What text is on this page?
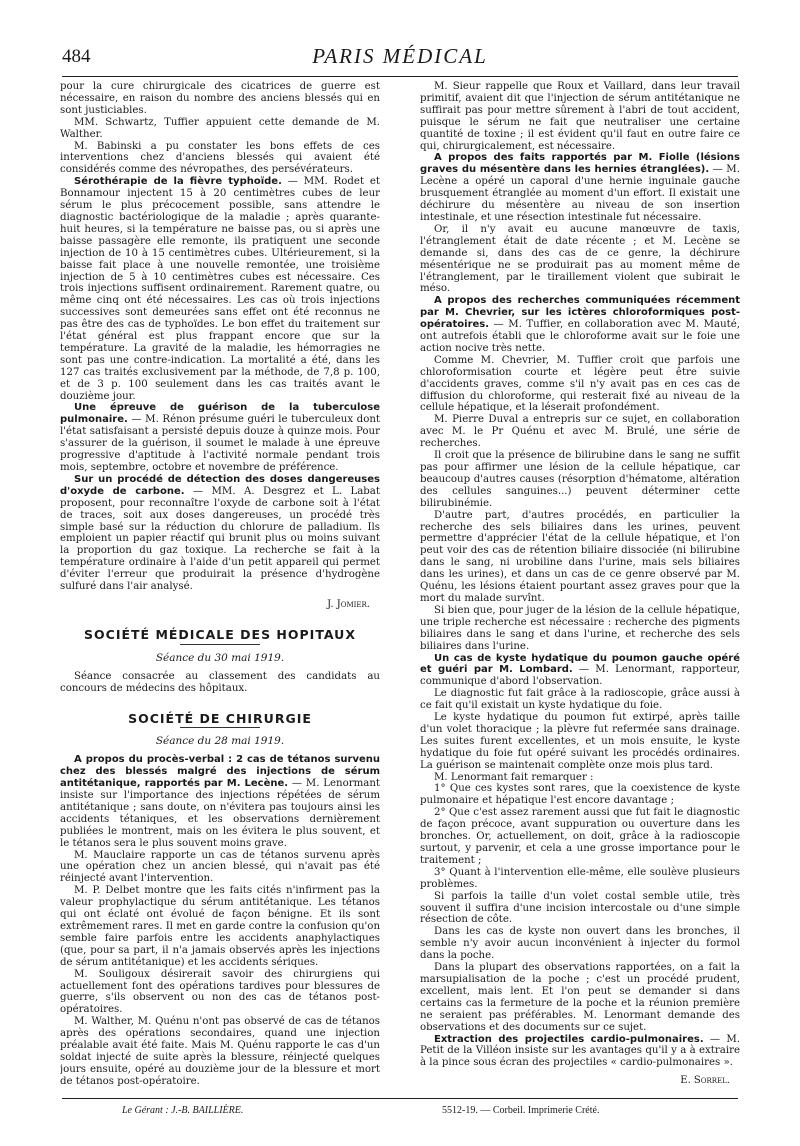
484	PARIS MÉDICAL

pour la cure chirurgicale des cicatrices de guerre est nécessaire, en raison du nombre des anciens blessés qui en sont justiciables.

MM. Schwartz, Tuffier appuient cette demande de M. Walther.

M. Babinski a pu constater les bons effets de ces interventions chez d'anciens blessés qui avaient été considérés comme des névropathes, des persévérateurs.

Sérothérapie de la fièvre typhoïde. — MM. Rodet et Bonnamour injectent 15 à 20 centimètres cubes de leur sérum le plus précocement possible, sans attendre le diagnostic bactériologique de la maladie ; après quarante-huit heures, si la température ne baisse pas, ou si après une baisse passagère elle remonte, ils pratiquent une seconde injection de 10 à 15 centimètres cubes. Ultérieurement, si la baisse fait place à une nouvelle remontée, une troisième injection de 5 à 10 centimètres cubes est nécessaire. Ces trois injections suffisent ordinairement. Rarement quatre, ou même cinq ont été nécessaires. Les cas où trois injections successives sont demeurées sans effet ont été reconnus ne pas être des cas de typhoïdes. Le bon effet du traitement sur l'état général est plus frappant encore que sur la température. La gravité de la maladie, les hémorragies ne sont pas une contre-indication. La mortalité a été, dans les 127 cas traités exclusivement par la méthode, de 7,8 p. 100, et de 3 p. 100 seulement dans les cas traités avant le douzième jour.

Une épreuve de guérison de la tuberculose pulmonaire. — M. Rénon présume guéri le tuberculeux dont l'état satisfaisant a persisté depuis douze à quinze mois. Pour s'assurer de la guérison, il soumet le malade à une épreuve progressive d'aptitude à l'activité normale pendant trois mois, septembre, octobre et novembre de préférence.

Sur un procédé de détection des doses dangereuses d'oxyde de carbone. — MM. A. Desgrez et L. Labat proposent, pour reconnaître l'oxyde de carbone soit à l'état de traces, soit aux doses dangereuses, un procédé très simple basé sur la réduction du chlorure de palladium. Ils emploient un papier réactif qui brunit plus ou moins suivant la proportion du gaz toxique. La recherche se fait à la température ordinaire à l'aide d'un petit appareil qui permet d'éviter l'erreur que produirait la présence d'hydrogène sulfuré dans l'air analysé.

J. Jomier.
SOCIÉTÉ MÉDICALE DES HOPITAUX
Séance du 30 mai 1919.

Séance consacrée au classement des candidats au concours de médecins des hôpitaux.

SOCIÉTÉ DE CHIRURGIE
Séance du 28 mai 1919.

A propos du procès-verbal : 2 cas de tétanos survenu chez des blessés malgré des injections de sérum antitétanique, rapportés par M. Lecène. — M. Lenormant insiste sur l'importance des injections répétées de sérum antitétanique ; sans doute, on n'évitera pas toujours ainsi les accidents tétaniques, et les observations dernièrement publiées le montrent, mais on les évitera le plus souvent, et le tétanos sera le plus souvent moins grave.

M. Mauclaire rapporte un cas de tétanos survenu après une opération chez un ancien blessé, qui n'avait pas été réinjecté avant l'intervention.

M. P. Delbet montre que les faits cités n'infirment pas la valeur prophylactique du sérum antitétanique. Les tétanos qui ont éclaté ont évolué de façon bénigne. Et ils sont extrêmement rares. Il met en garde contre la confusion qu'on semble faire parfois entre les accidents anaphylactiques (que, pour sa part, il n'a jamais observés après les injections de sérum antitétanique) et les accidents sériques.

M. Souligoux désirerait savoir des chirurgiens qui actuellement font des opérations tardives pour blessures de guerre, s'ils observent ou non des cas de tétanos post-opératoires.

M. Walther, M. Quénu n'ont pas observé de cas de tétanos après des opérations secondaires, quand une injection préalable avait été faite. Mais M. Quénu rapporte le cas d'un soldat injecté de suite après la blessure, réinjecté quelques jours ensuite, opéré au douzième jour de la blessure et mort de tétanos post-opératoire.

M. Sieur rappelle que Roux et Vaillard, dans leur travail primitif, avaient dit que l'injection de sérum antitétanique ne suffirait pas pour mettre sûrement à l'abri de tout accident, puisque le sérum ne fait que neutraliser une certaine quantité de toxine ; il est évident qu'il faut en outre faire ce qui, chirurgicalement, est nécessaire.

A propos des faits rapportés par M. Fiolle (lésions graves du mésentère dans les hernies étranglées). — M. Lecène a opéré un caporal d'une hernie inguinale gauche brusquement étranglée au moment d'un effort. Il existait une déchirure du mésentère au niveau de son insertion intestinale, et une résection intestinale fut nécessaire.

Or, il n'y avait eu aucune manœuvre de taxis, l'étranglement était de date récente ; et M. Lecène se demande si, dans des cas de ce genre, la déchirure mésentérique ne se produirait pas au moment même de l'étranglement, par le tiraillement violent que subirait le méso.

A propos des recherches communiquées récemment par M. Chevrier, sur les ictères chloroformiques post-opératoires. — M. Tuffier, en collaboration avec M. Mauté, ont autrefois établi que le chloroforme avait sur le foie une action nocive très nette.

Comme M. Chevrier, M. Tuffier croit que parfois une chloroformisation courte et légère peut être suivie d'accidents graves, comme s'il n'y avait pas en ces cas de diffusion du chloroforme, qui resterait fixé au niveau de la cellule hépatique, et la léserait profondément.

M. Pierre Duval a entrepris sur ce sujet, en collaboration avec M. le Pr Quénu et avec M. Brulé, une série de recherches.

Il croit que la présence de bilirubine dans le sang ne suffit pas pour affirmer une lésion de la cellule hépatique, car beaucoup d'autres causes (résorption d'hématome, altération des cellules sanguines...) peuvent déterminer cette bilirubinémie.

D'autre part, d'autres procédés, en particulier la recherche des sels biliaires dans les urines, peuvent permettre d'apprécier l'état de la cellule hépatique, et l'on peut voir des cas de rétention biliaire dissociée (ni bilirubine dans le sang, ni urobiline dans l'urine, mais sels biliaires dans les urines), et dans un cas de ce genre observé par M. Quénu, les lésions étaient pourtant assez graves pour que la mort du malade survînt.

Si bien que, pour juger de la lésion de la cellule hépatique, une triple recherche est nécessaire : recherche des pigments biliaires dans le sang et dans l'urine, et recherche des sels biliaires dans l'urine.

Un cas de kyste hydatique du poumon gauche opéré et guéri par M. Lombard. — M. Lenormant, rapporteur, communique d'abord l'observation.

Le diagnostic fut fait grâce à la radioscopie, grâce aussi à ce fait qu'il existait un kyste hydatique du foie.

Le kyste hydatique du poumon fut extirpé, après taille d'un volet thoracique ; la plèvre fut refermée sans drainage. Les suites furent excellentes, et un mois ensuite, le kyste hydatique du foie fut opéré suivant les procédés ordinaires. La guérison se maintenait complète onze mois plus tard.

M. Lenormant fait remarquer :

1° Que ces kystes sont rares, que la coexistence de kyste pulmonaire et hépatique l'est encore davantage ;

2° Que c'est assez rarement aussi que fut fait le diagnostic de façon précoce, avant suppuration ou ouverture dans les bronches. Or, actuellement, on doit, grâce à la radioscopie surtout, y parvenir, et cela a une grosse importance pour le traitement ;

3° Quant à l'intervention elle-même, elle soulève plusieurs problèmes.

Si parfois la taille d'un volet costal semble utile, très souvent il suffira d'une incision intercostale ou d'une simple résection de côte.

Dans les cas de kyste non ouvert dans les bronches, il semble n'y avoir aucun inconvénient à injecter du formol dans la poche.

Dans la plupart des observations rapportées, on a fait la marsupialisation de la poche ; c'est un procédé prudent, excellent, mais lent. Et l'on peut se demander si dans certains cas la fermeture de la poche et la réunion première ne seraient pas préférables. M. Lenormant demande des observations et des documents sur ce sujet.

Extraction des projectiles cardio-pulmonaires. — M. Petit de la Villéon insiste sur les avantages qu'il y a à extraire à la pince sous écran des projectiles « cardio-pulmonaires ».

E. Sorrel.
Le Gérant : J.-B. BAILLIÈRE.	5512-19. — Corbeil. Imprimerie Crété.
